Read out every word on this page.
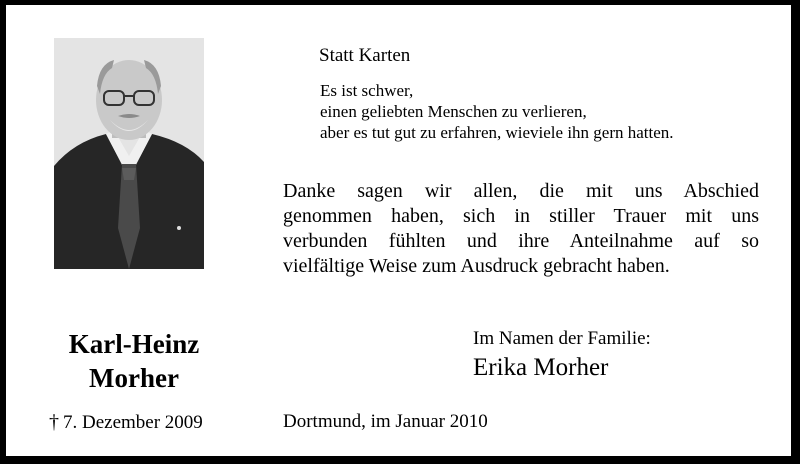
Karl-Heinz
Morher
† 7. Dezember 2009
Statt Karten
Es ist schwer,
einen geliebten Menschen zu verlieren,
aber es tut gut zu erfahren, wieviele ihn gern hatten.
Danke sagen wir allen, die mit uns Abschied
genommen haben, sich in stiller Trauer mit uns
verbunden fühlten und ihre Anteilnahme auf so
vielfältige Weise zum Ausdruck gebracht haben.
Im Namen der Familie:
Erika Morher
Dortmund, im Januar 2010
